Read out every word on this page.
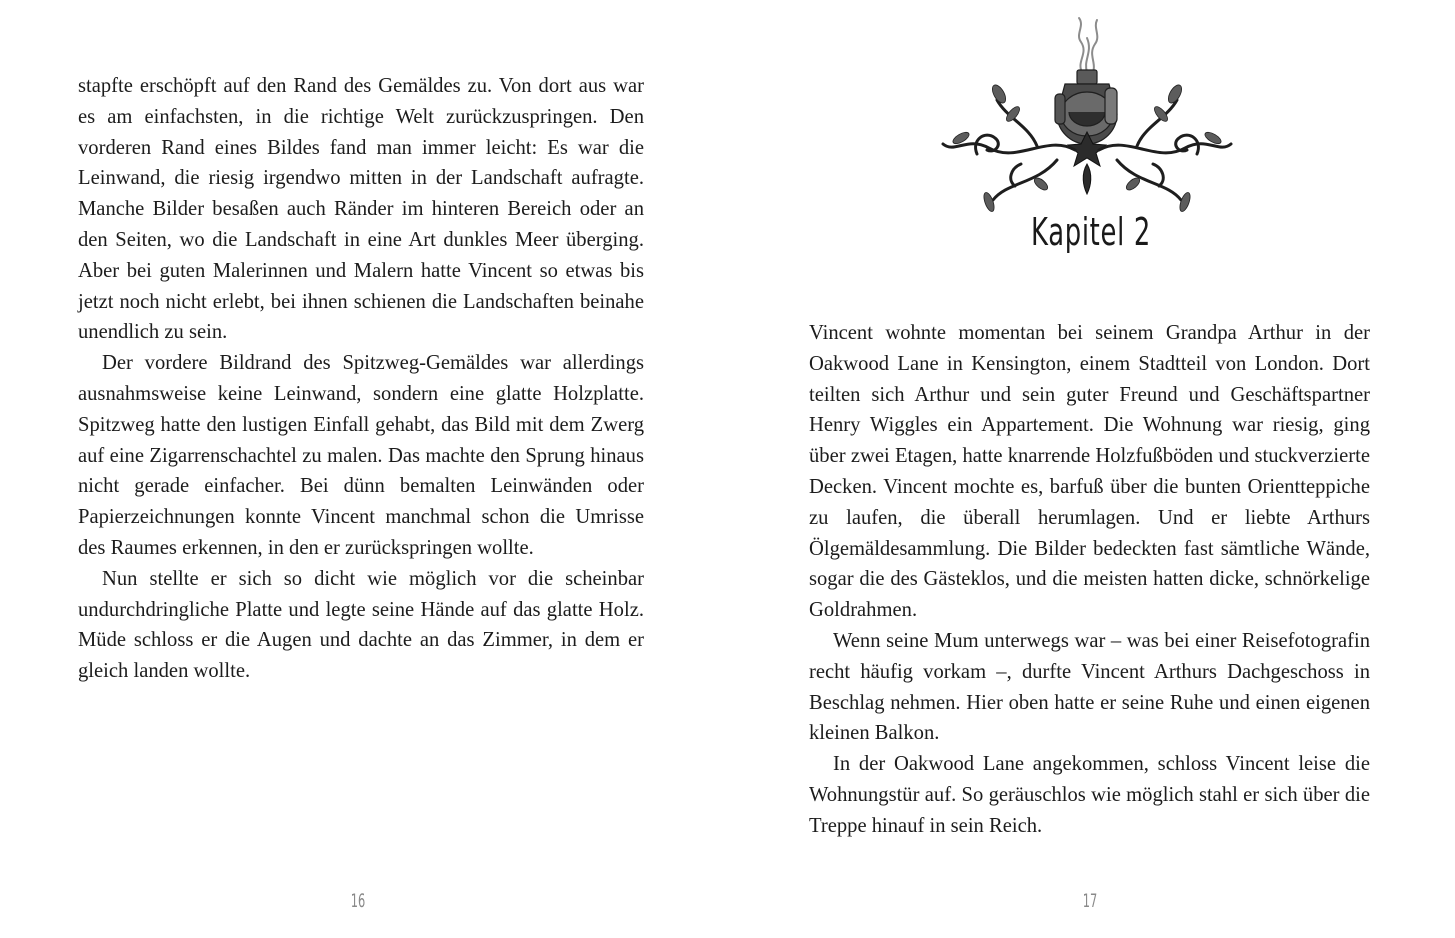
stapfte erschöpft auf den Rand des Gemäldes zu. Von dort aus war es am einfachsten, in die richtige Welt zurückzuspringen. Den vorderen Rand eines Bildes fand man immer leicht: Es war die Leinwand, die riesig irgendwo mitten in der Landschaft aufragte. Manche Bilder besaßen auch Ränder im hinteren Bereich oder an den Seiten, wo die Landschaft in eine Art dunkles Meer überging. Aber bei guten Malerinnen und Malern hatte Vincent so etwas bis jetzt noch nicht erlebt, bei ihnen schienen die Landschaften beinahe unendlich zu sein.

Der vordere Bildrand des Spitzweg-Gemäldes war allerdings ausnahmsweise keine Leinwand, sondern eine glatte Holzplatte. Spitzweg hatte den lustigen Einfall gehabt, das Bild mit dem Zwerg auf eine Zigarrenschachtel zu malen. Das machte den Sprung hinaus nicht gerade einfacher. Bei dünn bemalten Leinwänden oder Papierzeichnungen konnte Vincent manchmal schon die Umrisse des Raumes erkennen, in den er zurückspringen wollte.

Nun stellte er sich so dicht wie möglich vor die scheinbar undurchdringliche Platte und legte seine Hände auf das glatte Holz. Müde schloss er die Augen und dachte an das Zimmer, in dem er gleich landen wollte.

16
Kapitel 2

Vincent wohnte momentan bei seinem Grandpa Arthur in der Oakwood Lane in Kensington, einem Stadtteil von London. Dort teilten sich Arthur und sein guter Freund und Geschäftspartner Henry Wiggles ein Appartement. Die Wohnung war riesig, ging über zwei Etagen, hatte knarrende Holzfußböden und stuckverzierte Decken. Vincent mochte es, barfuß über die bunten Orientteppiche zu laufen, die überall herumlagen. Und er liebte Arthurs Ölgemäldesammlung. Die Bilder bedeckten fast sämtliche Wände, sogar die des Gästeklos, und die meisten hatten dicke, schnörkelige Goldrahmen.

Wenn seine Mum unterwegs war – was bei einer Reisefotografin recht häufig vorkam –, durfte Vincent Arthurs Dachgeschoss in Beschlag nehmen. Hier oben hatte er seine Ruhe und einen eigenen kleinen Balkon.

In der Oakwood Lane angekommen, schloss Vincent leise die Wohnungstür auf. So geräuschlos wie möglich stahl er sich über die Treppe hinauf in sein Reich.

17
